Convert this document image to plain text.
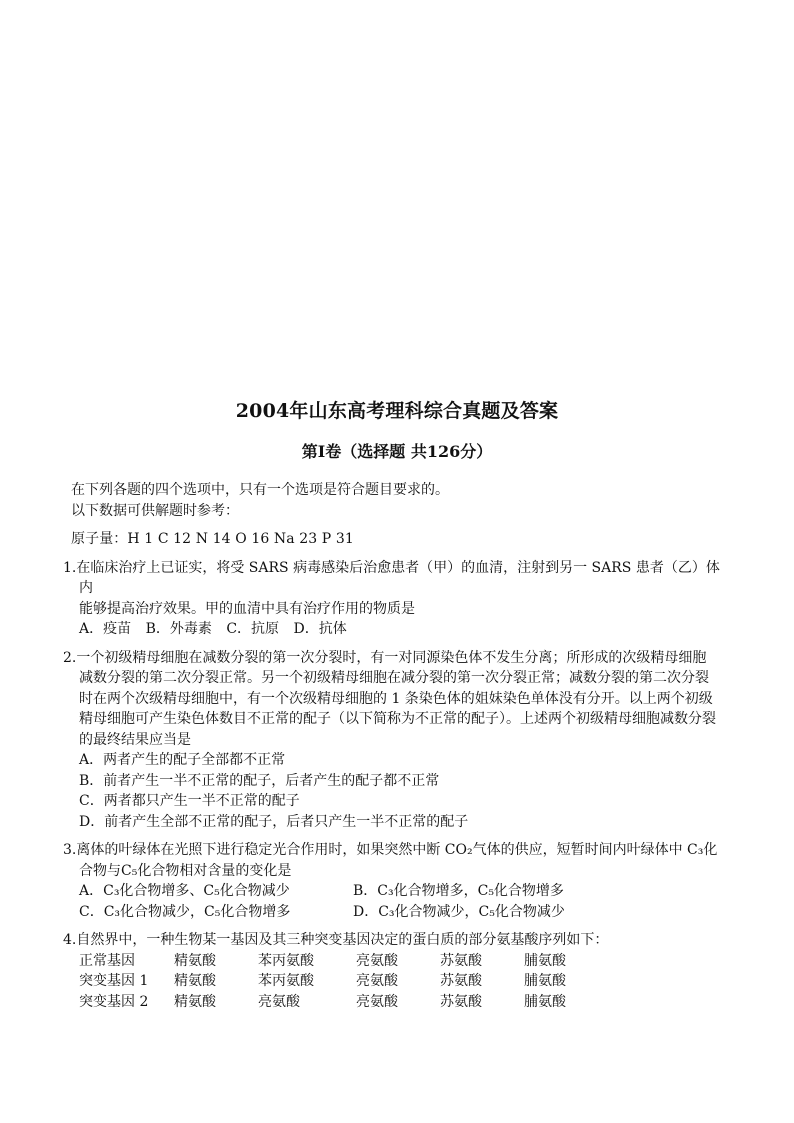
2004年山东高考理科综合真题及答案
第Ⅰ卷（选择题 共126分）
在下列各题的四个选项中，只有一个选项是符合题目要求的。
以下数据可供解题时参考：
原子量：H 1 C 12 N 14 O 16 Na 23 P 31
1.在临床治疗上已证实，将受 SARS 病毒感染后治愈患者（甲）的血清，注射到另一 SARS 患者（乙）体内
能够提高治疗效果。甲的血清中具有治疗作用的物质是
A．疫苗 B．外毒素 C．抗原 D．抗体
2.一个初级精母细胞在减数分裂的第一次分裂时，有一对同源染色体不发生分离；所形成的次级精母细胞
减数分裂的第二次分裂正常。另一个初级精母细胞在减分裂的第一次分裂正常；减数分裂的第二次分裂
时在两个次级精母细胞中，有一个次级精母细胞的 1 条染色体的姐妹染色单体没有分开。以上两个初级
精母细胞可产生染色体数目不正常的配子（以下简称为不正常的配子）。上述两个初级精母细胞减数分裂
的最终结果应当是
A．两者产生的配子全部都不正常
B．前者产生一半不正常的配子，后者产生的配子都不正常
C．两者都只产生一半不正常的配子
D．前者产生全部不正常的配子，后者只产生一半不正常的配子
3.离体的叶绿体在光照下进行稳定光合作用时，如果突然中断 CO₂气体的供应，短暂时间内叶绿体中 C₃化
合物与C₅化合物相对含量的变化是
A．C₃化合物增多、C₅化合物减少	B．C₃化合物增多，C₅化合物增多
C．C₃化合物减少，C₅化合物增多	D．C₃化合物减少，C₅化合物减少
4.自然界中，一种生物某一基因及其三种突变基因决定的蛋白质的部分氨基酸序列如下：
正常基因	精氨酸	苯丙氨酸	亮氨酸	苏氨酸	脯氨酸
突变基因 1	精氨酸	苯丙氨酸	亮氨酸	苏氨酸	脯氨酸
突变基因 2	精氨酸	亮氨酸	亮氨酸	苏氨酸	脯氨酸
